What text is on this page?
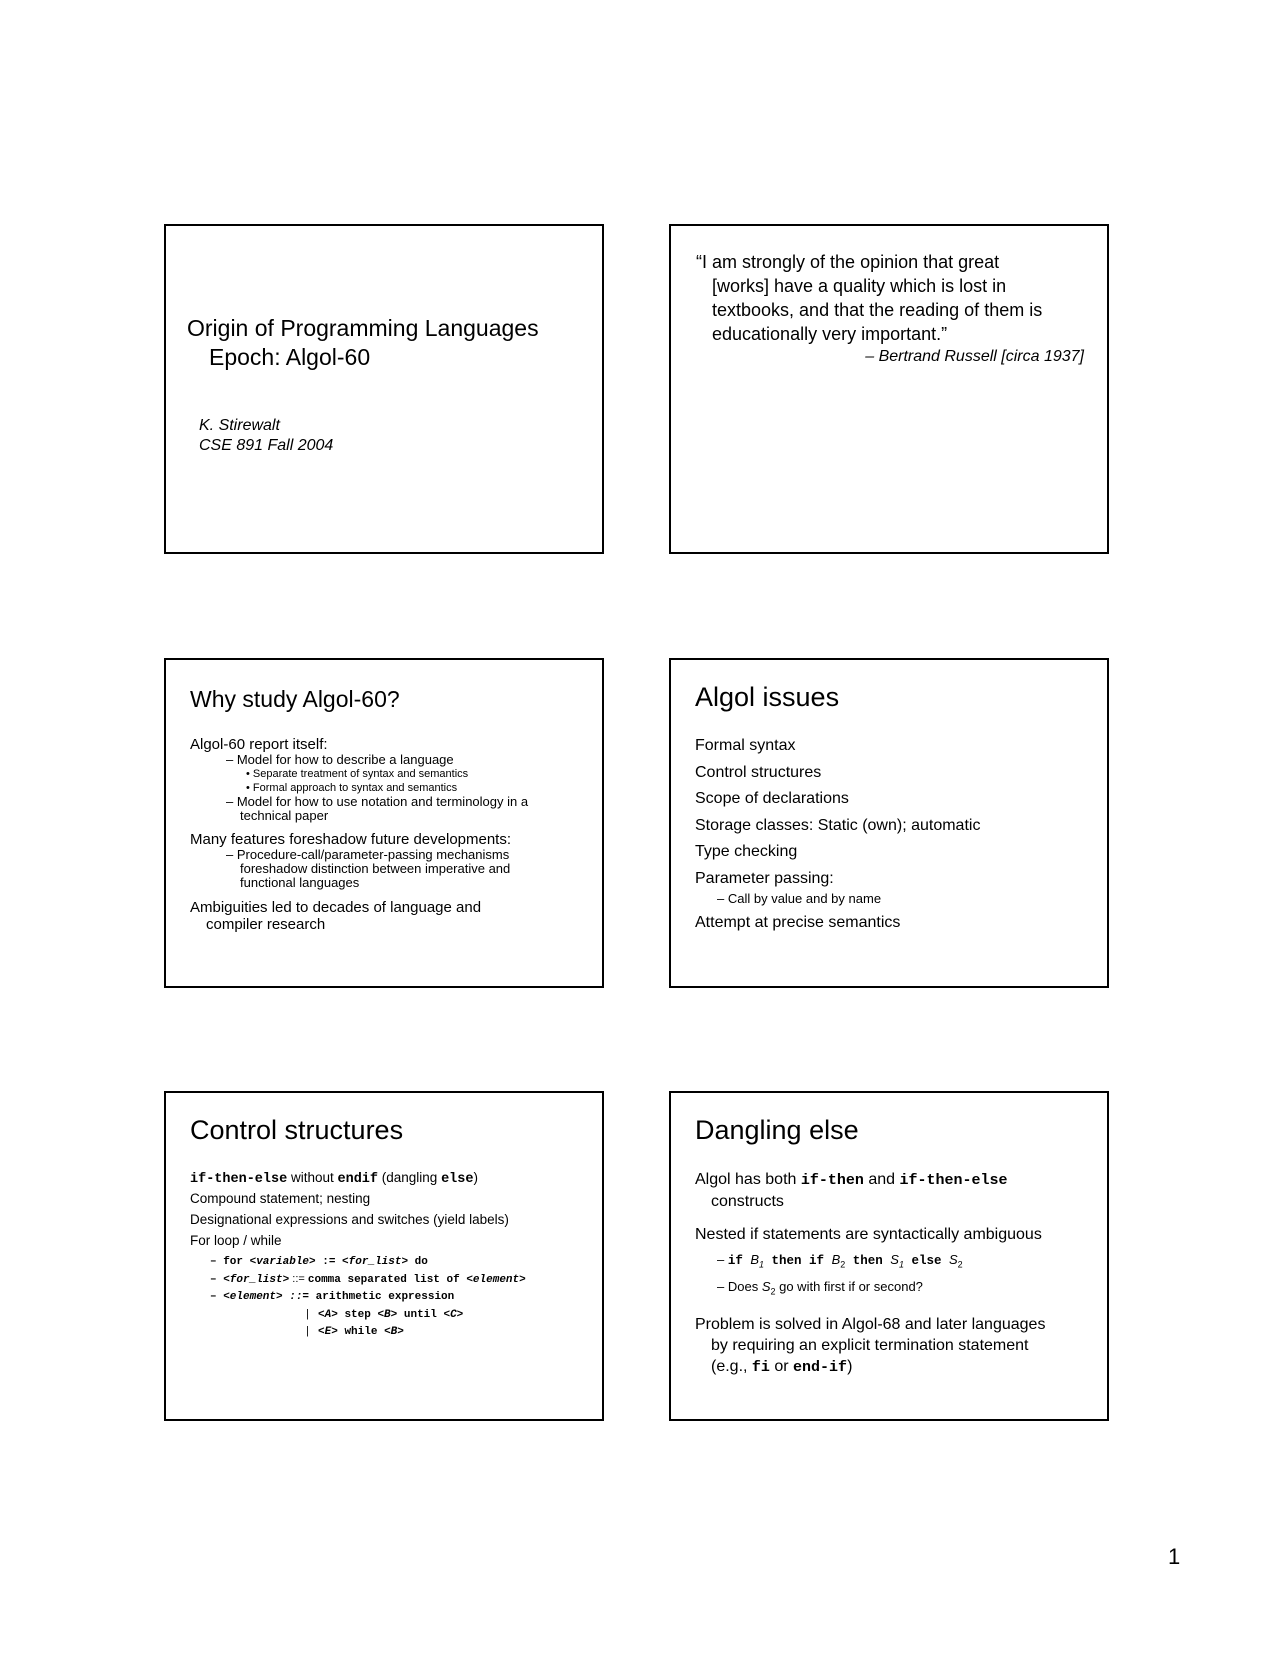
Origin of Programming Languages
Epoch: Algol-60
K. Stirewalt
CSE 891 Fall 2004
“I am strongly of the opinion that great
[works] have a quality which is lost in
textbooks, and that the reading of them is
educationally very important.”
– Bertrand Russell [circa 1937]
Why study Algol-60?
Algol-60 report itself:
– Model for how to describe a language
• Separate treatment of syntax and semantics
• Formal approach to syntax and semantics
– Model for how to use notation and terminology in a
technical paper
Many features foreshadow future developments:
– Procedure-call/parameter-passing mechanisms
foreshadow distinction between imperative and
functional languages
Ambiguities led to decades of language and
compiler research
Algol issues
Formal syntax
Control structures
Scope of declarations
Storage classes: Static (own); automatic
Type checking
Parameter passing:
– Call by value and by name
Attempt at precise semantics
Control structures
if-then-else without endif (dangling else)
Compound statement; nesting
Designational expressions and switches (yield labels)
For loop / while
– for <variable> := <for_list> do
– <for_list> ::= comma separated list of <element>
– <element> ::= arithmetic expression
| <A> step <B> until <C>
| <E> while <B>
Dangling else
Algol has both if-then and if-then-else
constructs
Nested if statements are syntactically ambiguous
– if $B_1$ then if $B_2$ then $S_1$ else $S_2$
– Does $S_2$ go with first if or second?
Problem is solved in Algol-68 and later languages
by requiring an explicit termination statement
(e.g., fi or end-if)
1
